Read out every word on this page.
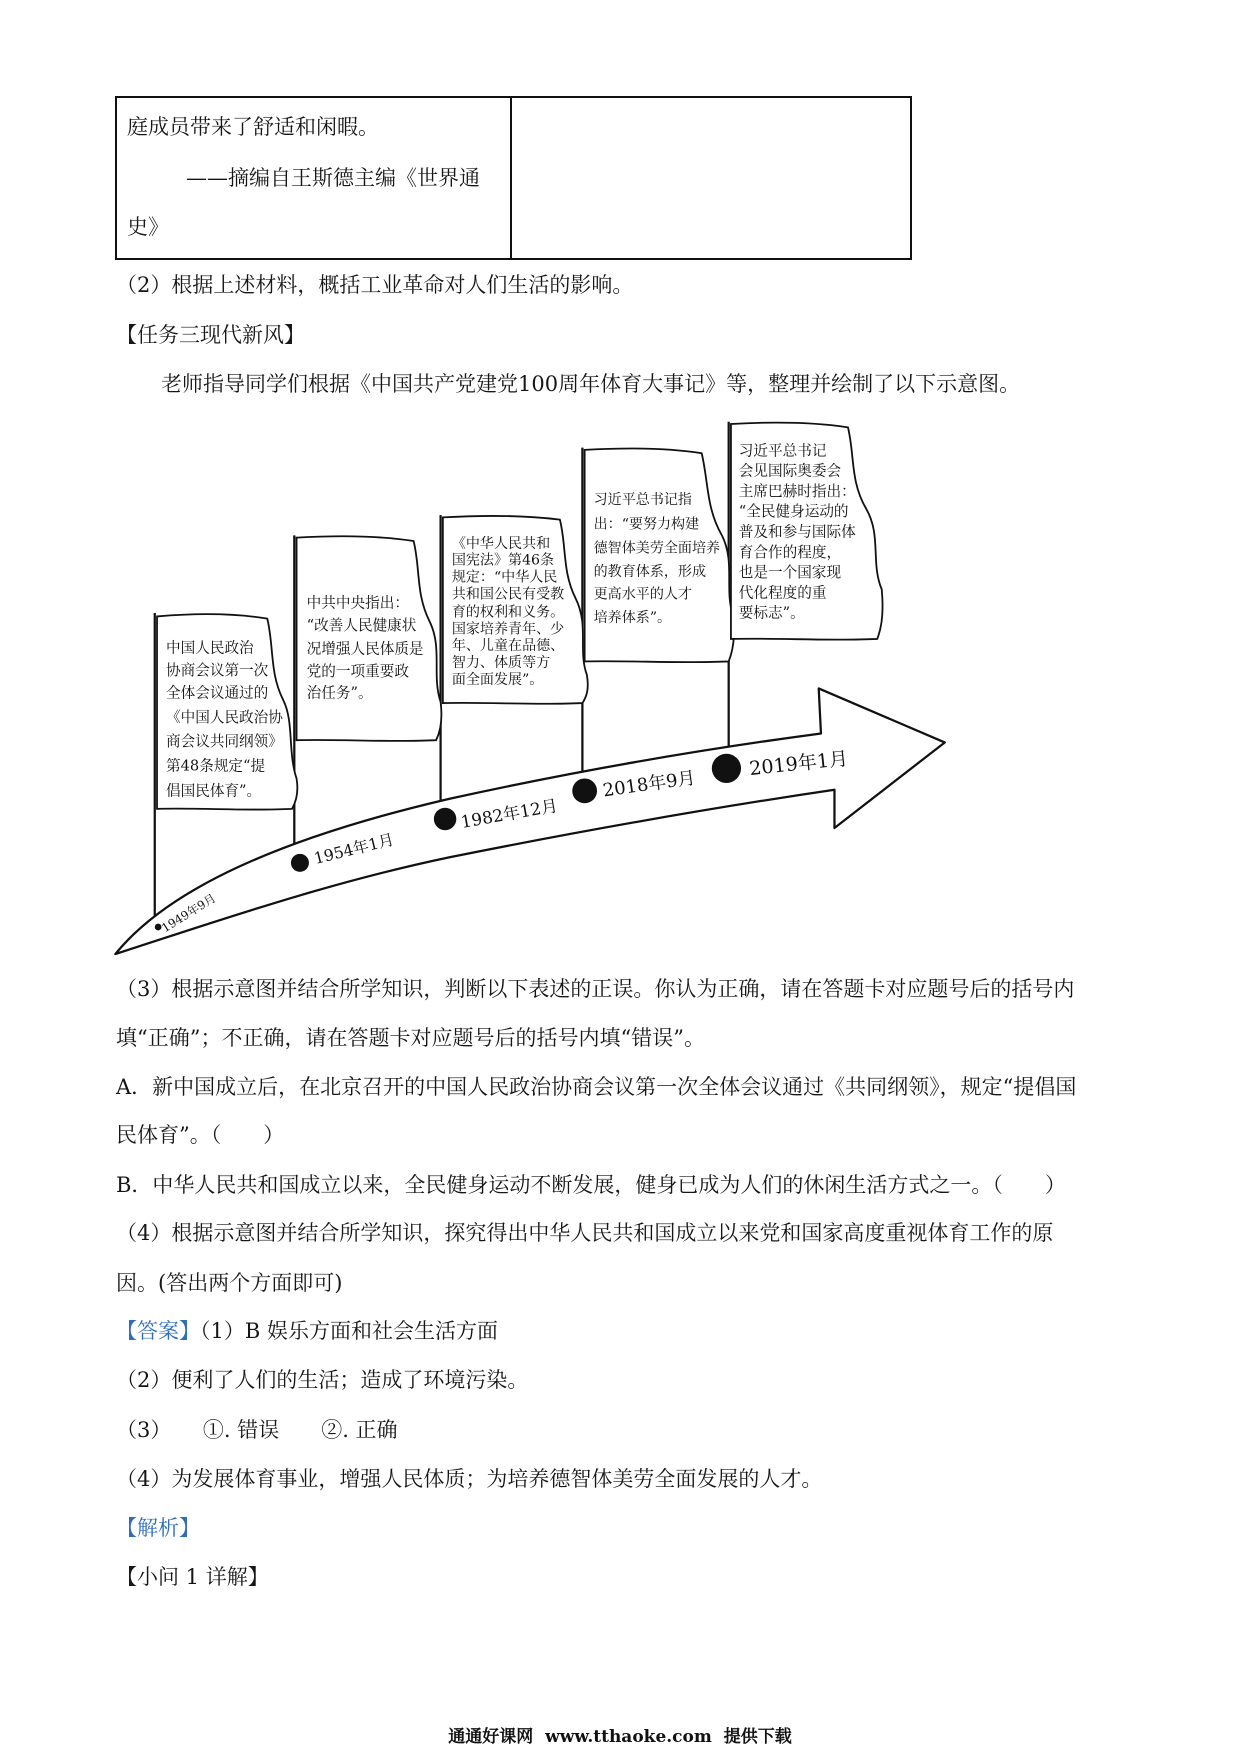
庭成员带来了舒适和闲暇。
——摘编自王斯德主编《世界通
史》
（2）根据上述材料，概括工业革命对人们生活的影响。
【任务三现代新风】
老师指导同学们根据《中国共产党建党100周年体育大事记》等，整理并绘制了以下示意图。
中国人民政治
协商会议第一次
全体会议通过的
《中国人民政治协
商会议共同纲领》
第48条规定“提
倡国民体育”。
中共中央指出：
“改善人民健康状
况增强人民体质是
党的一项重要政
治任务”。
《中华人民共和
国宪法》第46条
规定：“中华人民
共和国公民有受教
育的权利和义务。
国家培养青年、少
年、儿童在品德、
智力、体质等方
面全面发展”。
习近平总书记指
出：“要努力构建
德智体美劳全面培养
的教育体系，形成
更高水平的人才
培养体系”。
习近平总书记
会见国际奥委会
主席巴赫时指出：
“全民健身运动的
普及和参与国际体
育合作的程度，
也是一个国家现
代化程度的重
要标志”。
1949年9月
1954年1月
1982年12月
2018年9月
2019年1月
（3）根据示意图并结合所学知识，判断以下表述的正误。你认为正确，请在答题卡对应题号后的括号内
填“正确”；不正确，请在答题卡对应题号后的括号内填“错误”。
A．新中国成立后，在北京召开的中国人民政治协商会议第一次全体会议通过《共同纲领》，规定“提倡国
民体育”。（　　）
B．中华人民共和国成立以来，全民健身运动不断发展，健身已成为人们的休闲生活方式之一。（　　）
（4）根据示意图并结合所学知识，探究得出中华人民共和国成立以来党和国家高度重视体育工作的原
因。(答出两个方面即可)
【答案】（1）B 娱乐方面和社会生活方面
（2）便利了人们的生活；造成了环境污染。
（3）　　①. 错误　　②. 正确
（4）为发展体育事业，增强人民体质；为培养德智体美劳全面发展的人才。
【解析】
【小问 1 详解】
通通好课网  www.tthaoke.com  提供下载
